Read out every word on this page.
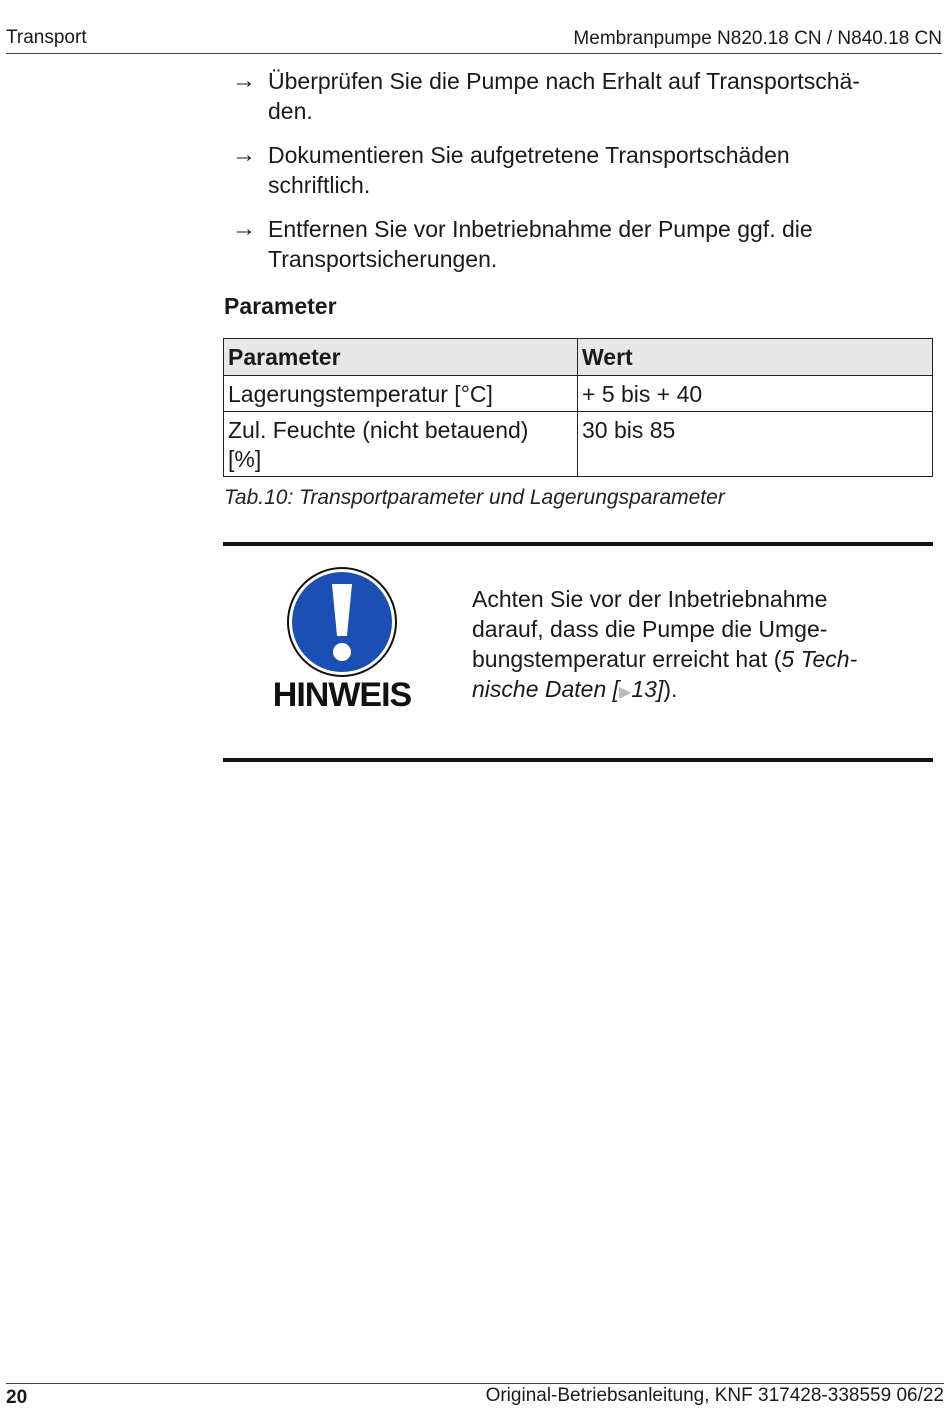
Transport	Membranpumpe N820.18 CN / N840.18 CN
→ Überprüfen Sie die Pumpe nach Erhalt auf Transportschä-
den.
→ Dokumentieren Sie aufgetretene Transportschäden
schriftlich.
→ Entfernen Sie vor Inbetriebnahme der Pumpe ggf. die
Transportsicherungen.
Parameter
Parameter	Wert
Lagerungstemperatur [°C]	+ 5 bis + 40
Zul. Feuchte (nicht betauend)
[%]	30 bis 85
Tab.10: Transportparameter und Lagerungsparameter
HINWEIS
Achten Sie vor der Inbetriebnahme
darauf, dass die Pumpe die Umge-
bungstemperatur erreicht hat (5 Tech-
nische Daten [▶13]).
20	Original-Betriebsanleitung, KNF 317428-338559 06/22
